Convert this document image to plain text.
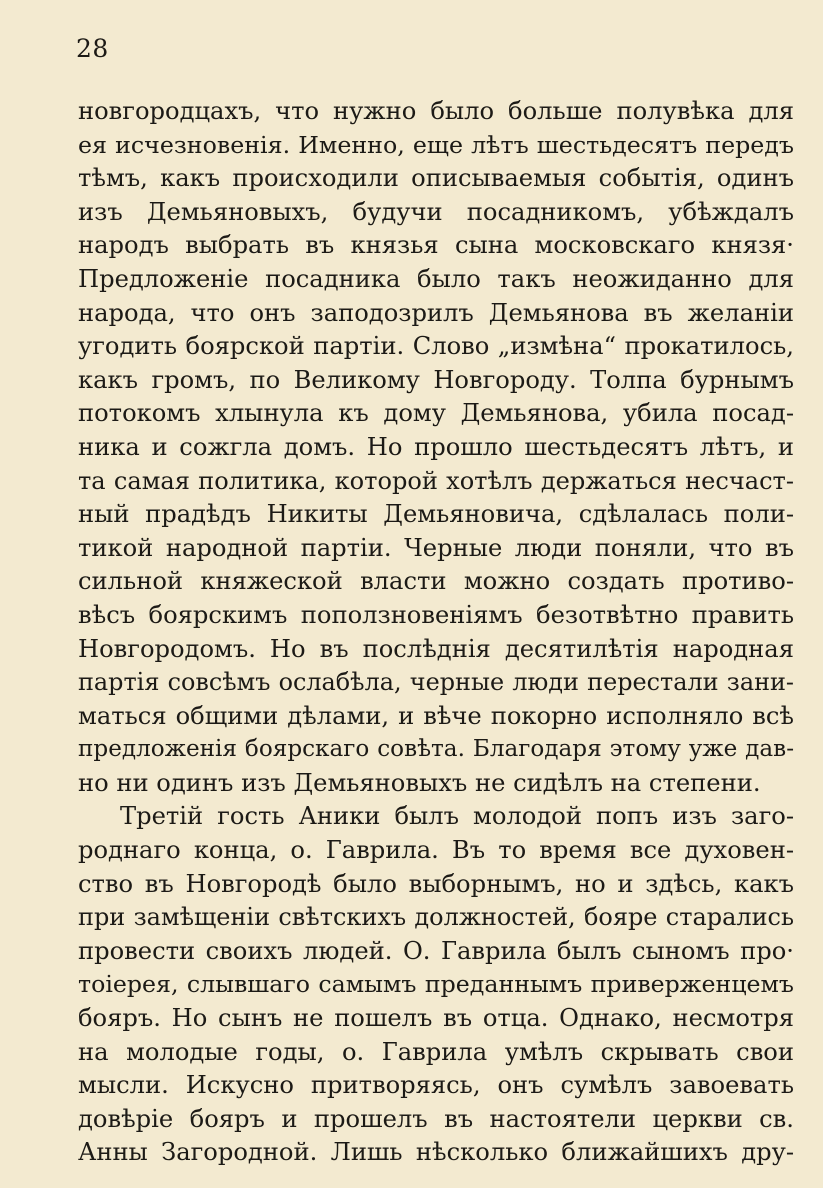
28
новгородцахъ, что нужно было больше полувѣка для
ея исчезновенія. Именно, еще лѣтъ шестьдесятъ передъ
тѣмъ, какъ происходили описываемыя событія, одинъ
изъ Демьяновыхъ, будучи посадникомъ, убѣждалъ
народъ выбрать въ князья сына московскаго князя·
Предложеніе посадника было такъ неожиданно для
народа, что онъ заподозрилъ Демьянова въ желаніи
угодить боярской партіи. Слово „измѣна“ прокатилось,
какъ громъ, по Великому Новгороду. Толпа бурнымъ
потокомъ хлынула къ дому Демьянова, убила посад-
ника и сожгла домъ. Но прошло шестьдесятъ лѣтъ, и
та самая политика, которой хотѣлъ держаться несчаст-
ный прадѣдъ Никиты Демьяновича, сдѣлалась поли-
тикой народной партіи. Черные люди поняли, что въ
сильной княжеской власти можно создать противо-
вѣсъ боярскимъ поползновеніямъ безотвѣтно править
Новгородомъ. Но въ послѣднія десятилѣтія народная
партія совсѣмъ ослабѣла, черные люди перестали зани-
маться общими дѣлами, и вѣче покорно исполняло всѣ
предложенія боярскаго совѣта. Благодаря этому уже дав-
но ни одинъ изъ Демьяновыхъ не сидѣлъ на степени.
Третій гость Аники былъ молодой попъ изъ заго-
роднаго конца, о. Гаврила. Въ то время все духовен-
ство въ Новгородѣ было выборнымъ, но и здѣсь, какъ
при замѣщеніи свѣтскихъ должностей, бояре старались
провести своихъ людей. О. Гаврила былъ сыномъ про·
тоіерея, слывшаго самымъ преданнымъ приверженцемъ
бояръ. Но сынъ не пошелъ въ отца. Однако, несмотря
на молодые годы, о. Гаврила умѣлъ скрывать свои
мысли. Искусно притворяясь, онъ сумѣлъ завоевать
довѣріе бояръ и прошелъ въ настоятели церкви св.
Анны Загородной. Лишь нѣсколько ближайшихъ дру-
